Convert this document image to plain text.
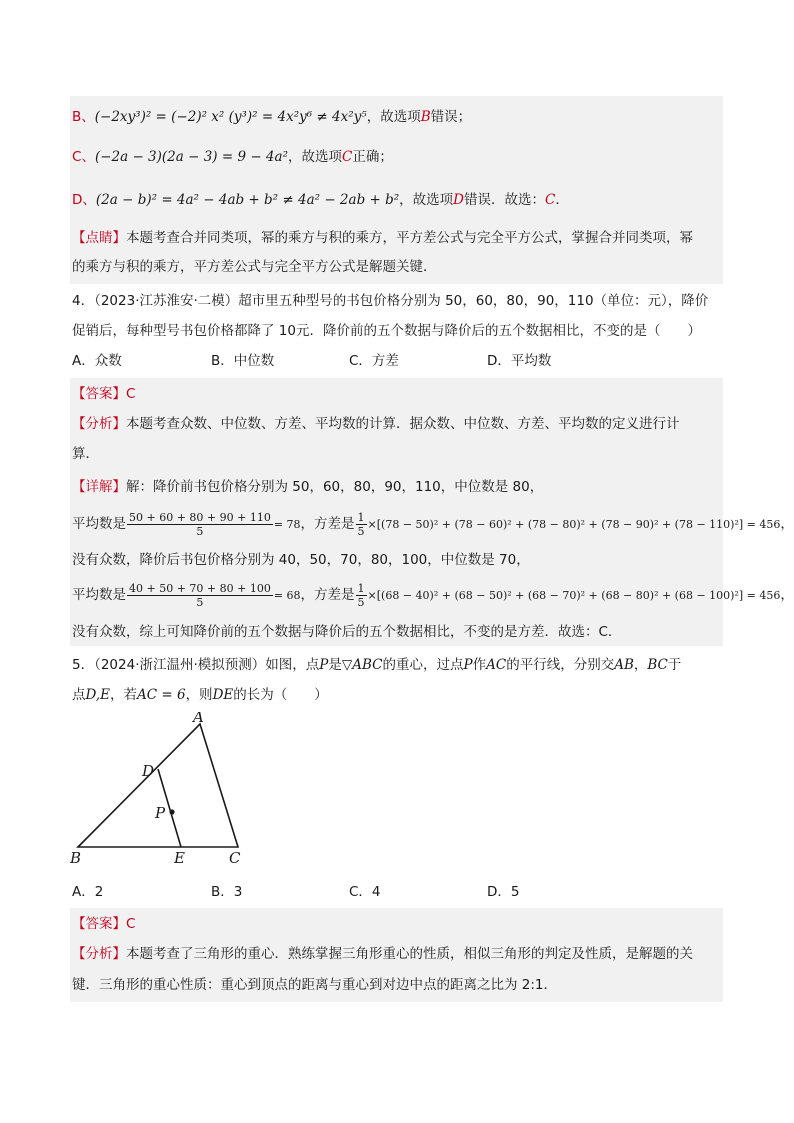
B、(−2xy³)² = (−2)² x² (y³)² = 4x²y⁶ ≠ 4x²y⁵，故选项B错误；
C、(−2a − 3)(2a − 3) = 9 − 4a²，故选项C正确；
D、(2a − b)² = 4a² − 4ab + b² ≠ 4a² − 2ab + b²，故选项D错误．故选：C．
【点睛】本题考查合并同类项，幂的乘方与积的乘方，平方差公式与完全平方公式，掌握合并同类项，幂
的乘方与积的乘方，平方差公式与完全平方公式是解题关键．
4．（2023·江苏淮安·二模）超市里五种型号的书包价格分别为 50，60，80，90，110（单位：元），降价
促销后，每种型号书包价格都降了 10元．降价前的五个数据与降价后的五个数据相比，不变的是（　　）
A．众数	B．中位数	C．方差	D．平均数
【答案】C
【分析】本题考查众数、中位数、方差、平均数的计算．据众数、中位数、方差、平均数的定义进行计
算．
【详解】解：降价前书包价格分别为 50，60，80，90，110，中位数是 80，
平均数是 $\frac{50 + 60 + 80 + 90 + 110}{5} = 78$，方差是 $\frac{1}{5} \times[(78 - 50)^2 + (78 - 60)^2 + (78 - 80)^2 + (78 - 90)^2 + (78 - 110)^2] = 456$，
没有众数，降价后书包价格分别为 40，50，70，80，100，中位数是 70，
平均数是 $\frac{40 + 50 + 70 + 80 + 100}{5} = 68$，方差是 $\frac{1}{5} \times[(68 - 40)^2 + (68 - 50)^2 + (68 - 70)^2 + (68 - 80)^2 + (68 - 100)^2] = 456$，
没有众数，综上可知降价前的五个数据与降价后的五个数据相比，不变的是方差．故选：C．
5．（2024·浙江温州·模拟预测）如图，点P是▽ABC的重心，过点P作AC的平行线，分别交AB，BC于
点D,E，若AC = 6，则DE的长为（　　）
A
B	C
D
E
P
A．2	B．3	C．4	D．5
【答案】C
【分析】本题考查了三角形的重心．熟练掌握三角形重心的性质，相似三角形的判定及性质，是解题的关
键．三角形的重心性质：重心到顶点的距离与重心到对边中点的距离之比为 2:1．
